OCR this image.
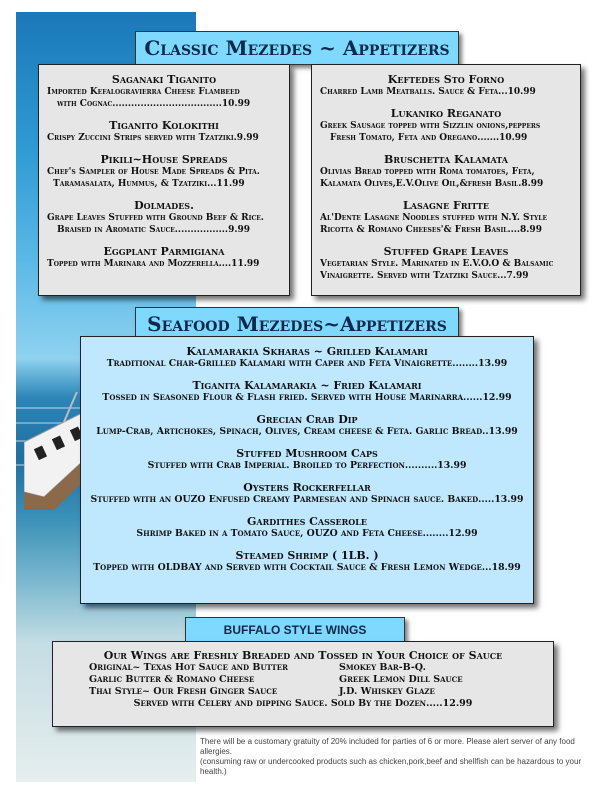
Classic Mezedes ~ Appetizers
Saganaki Tiganito
Imported Kefalogravierra Cheese Flambeed
with Cognac...................................10.99
Tiganito Kolokithi
Crispy Zuccini Strips served with Tzatziki.9.99
Pikili~House Spreads
Chef's Sampler of House Made Spreads & Pita.
Taramasalata, Hummus, & Tzatziki...11.99
Dolmades.
Grape Leaves Stuffed with Ground Beef & Rice.
Braised in Aromatic Sauce.................9.99
Eggplant Parmigiana
Topped with Marinara and Mozzerella....11.99
Keftedes Sto Forno
Charred Lamb Meatballs. Sauce & Feta...10.99
Lukaniko Reganato
Greek Sausage topped with Sizzlin onions,peppers
Fresh Tomato, Feta and Oregano.......10.99
Bruschetta Kalamata
Olivias Bread topped with Roma tomatoes, Feta,
Kalamata Olives,E.V.Olive Oil,&fresh Basil.8.99
Lasagne Fritte
Al'Dente Lasagne Noodles stuffed with N.Y. Style
Ricotta & Romano Cheeses'& Fresh Basil....8.99
Stuffed Grape Leaves
Vegetarian Style. Marinated in E.V.O.O & Balsamic
Vinaigrette. Served with Tzatziki Sauce...7.99
Seafood Mezedes~Appetizers
Kalamarakia Skharas ~ Grilled Kalamari
Traditional Char-Grilled Kalamari with Caper and Feta Vinaigrette........13.99
Tiganita Kalamarakia ~ Fried Kalamari
Tossed in Seasoned Flour & Flash fried. Served with House Marinarra......12.99
Grecian Crab Dip
Lump-Crab, Artichokes, Spinach, Olives, Cream cheese & Feta. Garlic Bread..13.99
Stuffed Mushroom Caps
Stuffed with Crab Imperial. Broiled to Perfection..........13.99
Oysters Rockerfellar
Stuffed with an OUZO Enfused Creamy Parmesean and Spinach sauce. Baked.....13.99
Gardithes Casserole
Shrimp Baked in a Tomato Sauce, OUZO and Feta Cheese........12.99
Steamed Shrimp ( 1LB. )
Topped with OLDBAY and Served with Cocktail Sauce & Fresh Lemon Wedge...18.99
BUFFALO STYLE WINGS
Our Wings are Freshly Breaded and Tossed in Your Choice of Sauce
Original~ Texas Hot Sauce and Butter	Smokey Bar-B-Q.
Garlic Butter & Romano Cheese	Greek Lemon Dill Sauce
Thai Style~ Our Fresh Ginger Sauce	J.D. Whiskey Glaze
Served with Celery and dipping Sauce. Sold By the Dozen.....12.99
There will be a customary gratuity of 20% included for parties of 6 or more. Please alert server of any food allergies.
(consuming raw or undercooked products such as chicken,pork,beef and shellfish can be hazardous to your health.)
